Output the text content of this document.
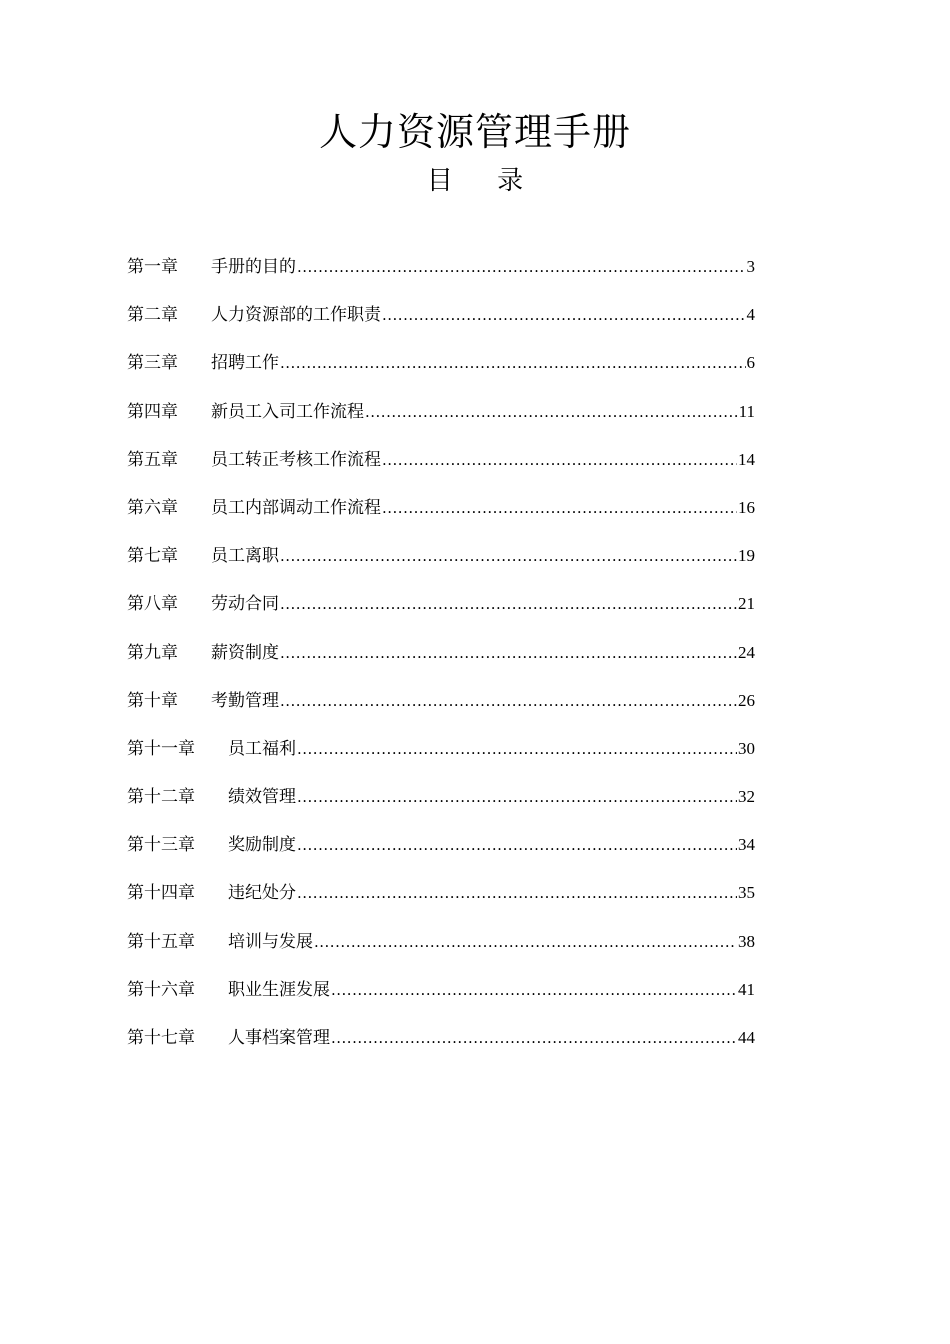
人力资源管理手册
目 录
第一章	手册的目的 .....	3
第二章	人力资源部的工作职责 .....	4
第三章	招聘工作 .....	6
第四章	新员工入司工作流程 .....	11
第五章	员工转正考核工作流程 .....	14
第六章	员工内部调动工作流程 .....	16
第七章	员工离职 .....	19
第八章	劳动合同 .....	21
第九章	薪资制度 .....	24
第十章	考勤管理 .....	26
第十一章	员工福利 .....	30
第十二章	绩效管理 .....	32
第十三章	奖励制度 .....	34
第十四章	违纪处分 .....	35
第十五章	培训与发展 .....	38
第十六章	职业生涯发展 .....	41
第十七章	人事档案管理 .....	44
